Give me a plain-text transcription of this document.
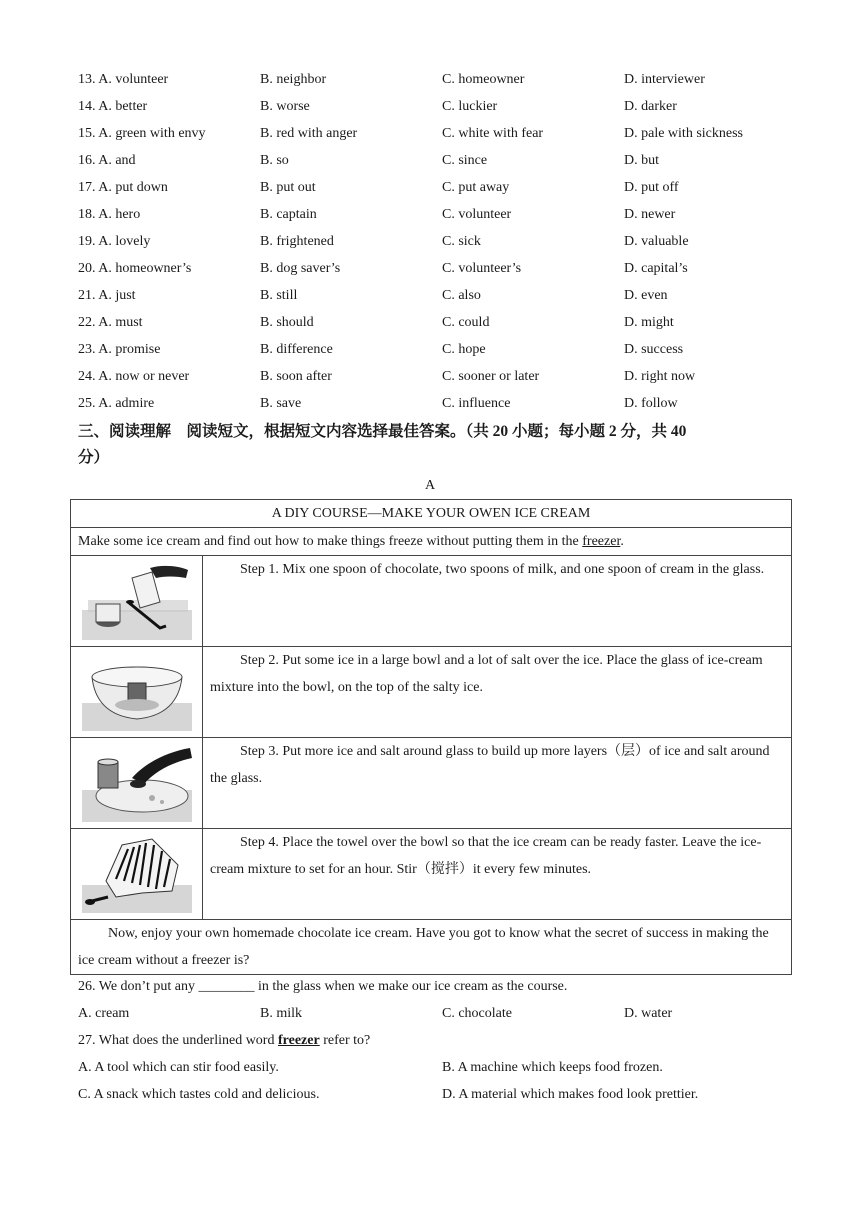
13. A. volunteer	B. neighbor	C. homeowner	D. interviewer
14. A. better	B. worse	C. luckier	D. darker
15. A. green with envy	B. red with anger	C. white with fear	D. pale with sickness
16. A. and	B. so	C. since	D. but
17. A. put down	B. put out	C. put away	D. put off
18. A. hero	B. captain	C. volunteer	D. newer
19. A. lovely	B. frightened	C. sick	D. valuable
20. A. homeowner’s	B. dog saver’s	C. volunteer’s	D. capital’s
21. A. just	B. still	C. also	D. even
22. A. must	B. should	C. could	D. might
23. A. promise	B. difference	C. hope	D. success
24. A. now or never	B. soon after	C. sooner or later	D. right now
25. A. admire	B. save	C. influence	D. follow
三、阅读理解　阅读短文，根据短文内容选择最佳答案。（共 20 小题；每小题 2 分，共 40
分）
A
A DIY COURSE—MAKE YOUR OWEN ICE CREAM	
Make some ice cream and find out how to make things freeze without putting them in the freezer.	

	Step 1. Mix one spoon of chocolate, two spoons of milk, and one spoon of cream in the glass.

	Step 2. Put some ice in a large bowl and a lot of salt over the ice. Place the glass of ice-cream mixture into the bowl, on the top of the salty ice.

	Step 3. Put more ice and salt around glass to build up more layers（层）of ice and salt around the glass.

	Step 4. Place the towel over the bowl so that the ice cream can be ready faster. Leave the ice-cream mixture to set for an hour. Stir（搅拌）it every few minutes.
Now, enjoy your own homemade chocolate ice cream. Have you got to know what the secret of success in making the ice cream without a freezer is?	
26. We don’t put any ________ in the glass when we make our ice cream as the course.
A. cream	B. milk	C. chocolate	D. water
27. What does the underlined word freezer refer to?
A. A tool which can stir food easily.	B. A machine which keeps food frozen.
C. A snack which tastes cold and delicious.	D. A material which makes food look prettier.
